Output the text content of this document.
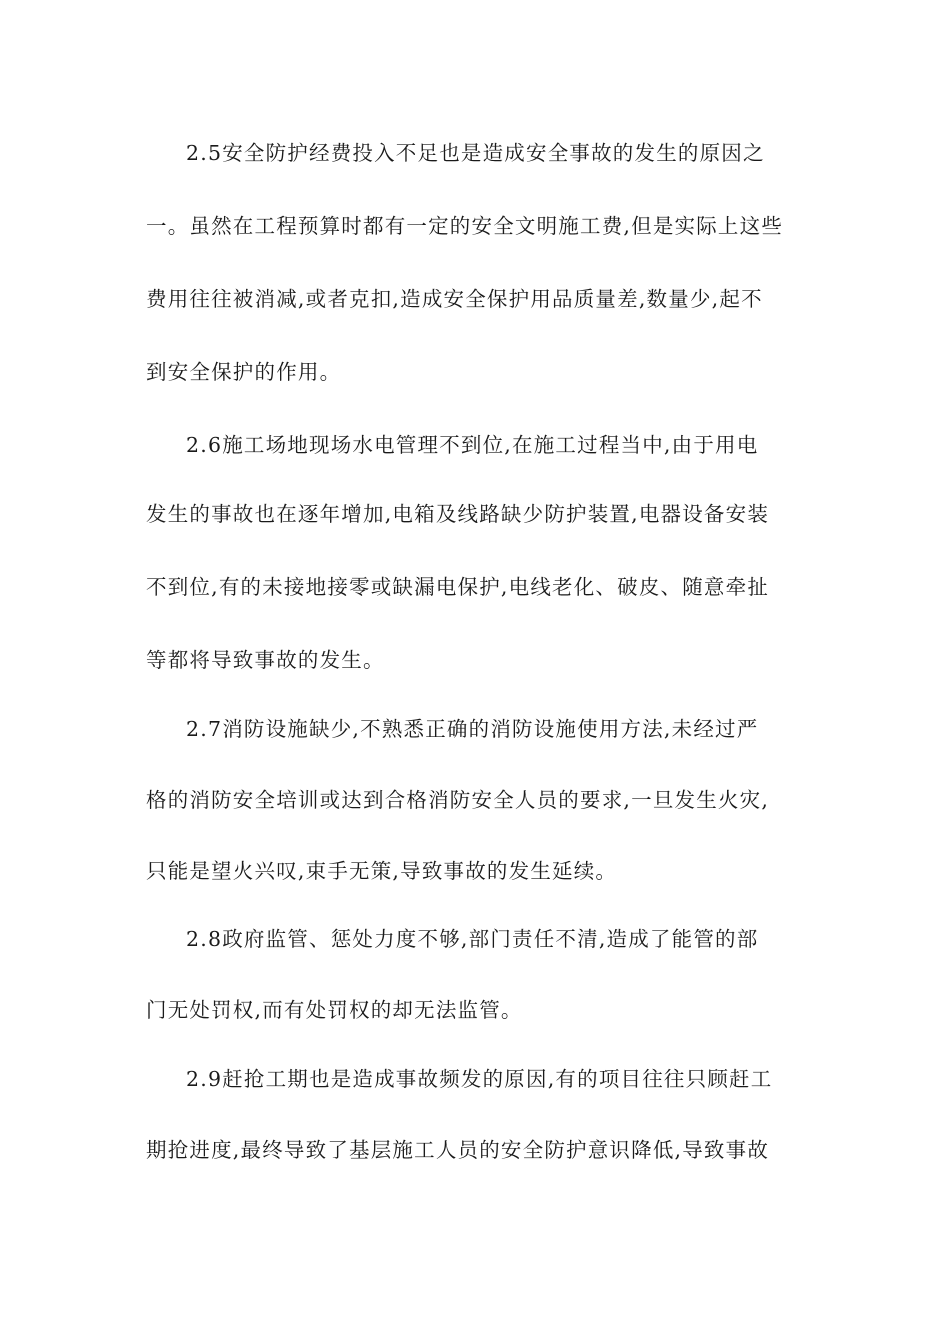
2.5安全防护经费投入不足也是造成安全事故的发生的原因之
一。虽然在工程预算时都有一定的安全文明施工费,但是实际上这些
费用往往被消减,或者克扣,造成安全保护用品质量差,数量少,起不
到安全保护的作用。
2.6施工场地现场水电管理不到位,在施工过程当中,由于用电
发生的事故也在逐年增加,电箱及线路缺少防护装置,电器设备安装
不到位,有的未接地接零或缺漏电保护,电线老化、破皮、随意牵扯
等都将导致事故的发生。
2.7消防设施缺少,不熟悉正确的消防设施使用方法,未经过严
格的消防安全培训或达到合格消防安全人员的要求,一旦发生火灾,
只能是望火兴叹,束手无策,导致事故的发生延续。
2.8政府监管、惩处力度不够,部门责任不清,造成了能管的部
门无处罚权,而有处罚权的却无法监管。
2.9赶抢工期也是造成事故频发的原因,有的项目往往只顾赶工
期抢进度,最终导致了基层施工人员的安全防护意识降低,导致事故
